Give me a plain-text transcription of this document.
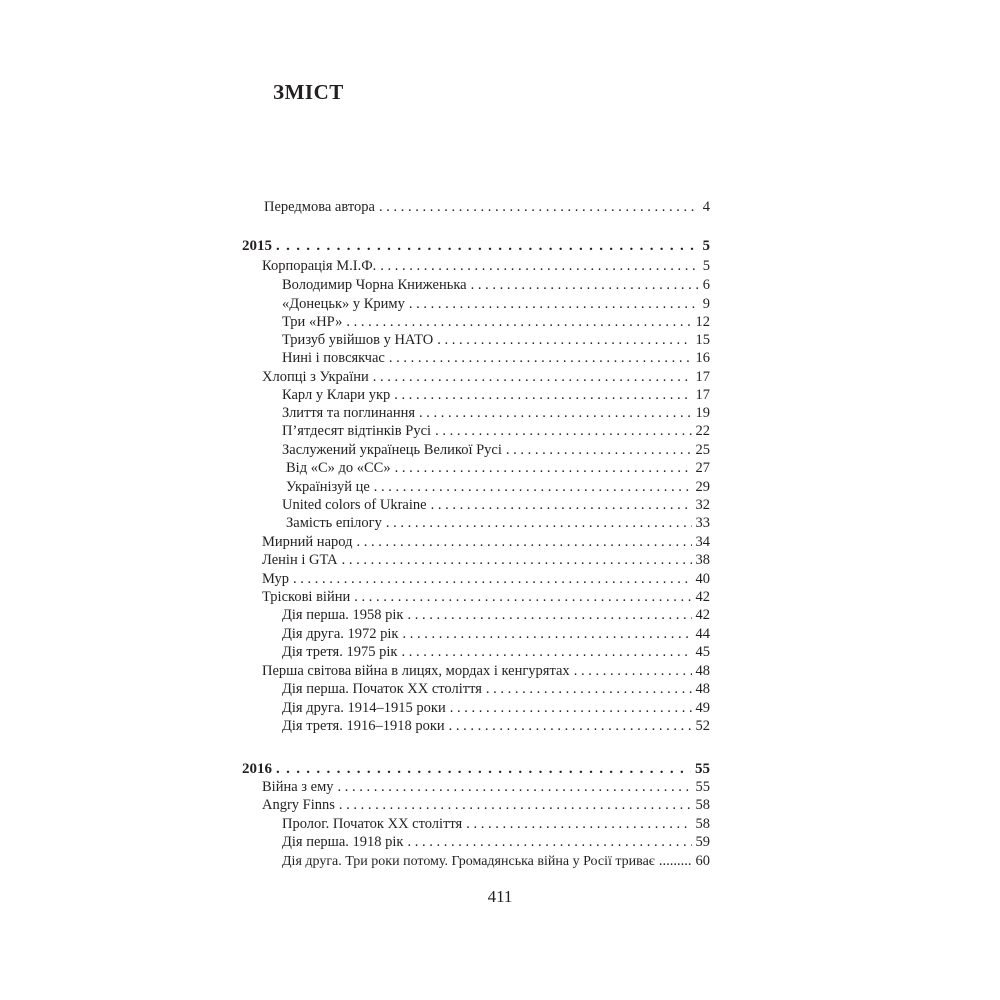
ЗМІСТ
Передмова автора . . .	4
2015 . . .	5
Корпорація М.І.Ф. . . .	5
Володимир Чорна Книженька . . .	6
«Донецьк» у Криму . . .	9
Три «НР» . . .	12
Тризуб увійшов у НАТО . . .	15
Нині і повсякчас . . .	16
Хлопці з України . . .	17
Карл у Клари укр . . .	17
Злиття та поглинання . . .	19
П’ятдесят відтінків Русі . . .	22
Заслужений українець Великої Русі . . .	25
Від «С» до «СС» . . .	27
Українізуй це . . .	29
United colors of Ukraine . . .	32
Замість епілогу . . .	33
Мирний народ . . .	34
Ленін і GTA . . .	38
Мур . . .	40
Тріскові війни . . .	42
Дія перша. 1958 рік . . .	42
Дія друга. 1972 рік . . .	44
Дія третя. 1975 рік . . .	45
Перша світова війна в лицях, мордах і кенгурятах . . .	48
Дія перша. Початок ХХ століття . . .	48
Дія друга. 1914–1915 роки . . .	49
Дія третя. 1916–1918 роки . . .	52
2016 . . .	55
Війна з ему . . .	55
Angry Finns . . .	58
Пролог. Початок ХХ століття . . .	58
Дія перша. 1918 рік . . .	59
Дія друга. Три роки потому. Громадянська війна у Росії триває .....	60
411
